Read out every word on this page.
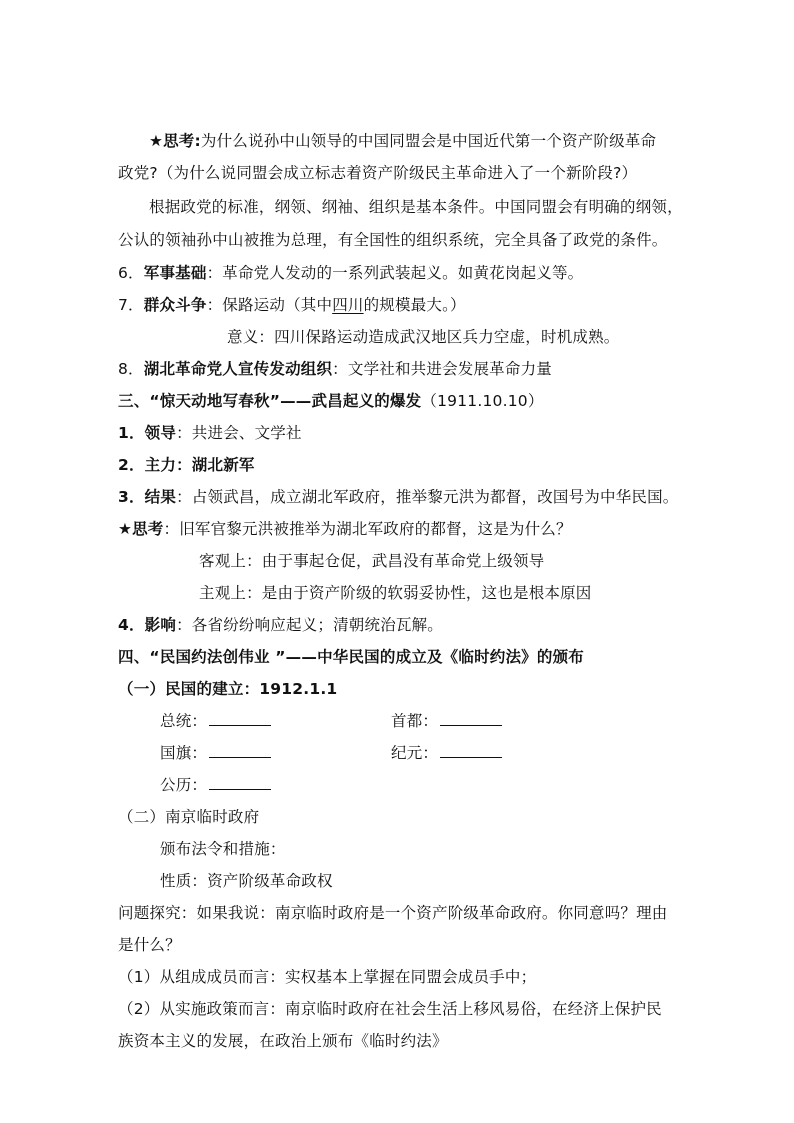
★思考:为什么说孙中山领导的中国同盟会是中国近代第一个资产阶级革命
政党?（为什么说同盟会成立标志着资产阶级民主革命进入了一个新阶段?）
根据政党的标准，纲领、纲袖、组织是基本条件。中国同盟会有明确的纲领，
公认的领袖孙中山被推为总理，有全国性的组织系统，完全具备了政党的条件。
6．军事基础：革命党人发动的一系列武装起义。如黄花岗起义等。
7．群众斗争：保路运动（其中四川的规模最大。）
意义：四川保路运动造成武汉地区兵力空虚，时机成熟。
8．湖北革命党人宣传发动组织：文学社和共进会发展革命力量
三、“惊天动地写春秋”——武昌起义的爆发（1911.10.10）
1．领导：共进会、文学社
2．主力：湖北新军
3．结果：占领武昌，成立湖北军政府，推举黎元洪为都督，改国号为中华民国。
★思考：旧军官黎元洪被推举为湖北军政府的都督，这是为什么？
客观上：由于事起仓促，武昌没有革命党上级领导
主观上：是由于资产阶级的软弱妥协性，这也是根本原因
4．影响：各省纷纷响应起义；清朝统治瓦解。
四、“民国约法创伟业 ”——中华民国的成立及《临时约法》的颁布
（一）民国的建立：1912.1.1
总统：	首都：
国旗：	纪元：
公历：
（二）南京临时政府
颁布法令和措施：
性质：资产阶级革命政权
问题探究：如果我说：南京临时政府是一个资产阶级革命政府。你同意吗？理由
是什么？
（1）从组成成员而言：实权基本上掌握在同盟会成员手中；
（2）从实施政策而言：南京临时政府在社会生活上移风易俗，在经济上保护民
族资本主义的发展，在政治上颁布《临时约法》
